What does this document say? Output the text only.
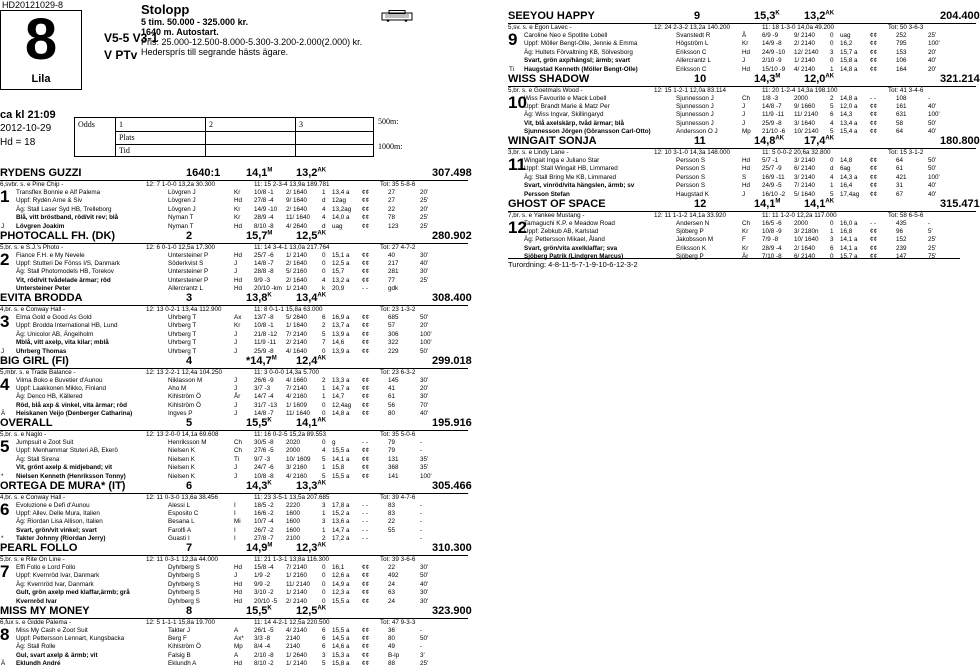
HD20121029-8
8
Lila
V5-5 V3-1
V PTv
Stolopp
5 tim. 50.000 - 325.000 kr.
1640 m. Autostart.
Pris: 25.000-12.500-8.000-5.300-3.200-2.000(2.000) kr.
Hedersprís till segrande hästs ägare.
ca kl 21:09
2012-10-29
Hd = 18
Odds	1	2	3
Plats
Tid
500m:
1000m:
RYDENS GUZZI	1640:1 $14,1^M$ $13,2^{AK}$	307.498
6,svbr. s. e Pine Chip -	12: 7 1-0-0 13,2a 30.300	11: 15 2-3-4 13,9a 189.781	Tot: 35 5-8-6
1 Transflex Bonnie e Alf Palema	Lövgren J	Kr 10/8 -1 2/ 1640 1 13,4 a ¢¢	27	20'
Uppf: Rydén Arne & Siv	Lövgren J	Hd 27/8 -4 9/ 1640 d 12ag	¢¢	27	25'
Äg: Stall Laser Syd HB, Trelleborg	Lövgren J	Kr 14/9 -10 2/ 1640 4 13,2ag ¢¢	22	20'
Blå, vitt bröstband, röd/vit rev; blå	Nyman T	Kr 28/9 -4 11/ 1640 4 14,0 a ¢¢	78	25'
Lövgren Joakim	Nyman T	Hd 8/10 -8 4/ 2640 d uag	¢¢	123	25'
J
PHOTOCALL FH. (DK)	2	$15,7^M$ $12,5^{AK}$	280.902
5,br. s. e S.J.'s Photo -	12: 6 0-1-0 12,5a 17.300	11: 14 3-4-1 13,0a 217.764	Tot: 27 4-7-2
2 Fiance F.H. e My Nevele	Untersteiner P	Hd 25/7 -6 1/ 2140 0 15,1 a ¢¢	40	30'
Uppf: Stutteri De Fönss I/S, Danmark	Söderkvist S	J	14/8 -7 2/ 1640 0 12,5 a ¢¢	217	40'
Äg: Stall Photomodels HB, Torekov	Untersteiner P	J	28/8 -8 5/ 2160 0 15,7	¢¢	281	30'
Vit, röd/vit tvådelade ärmar; röd	Untersteiner P	Hd 9/9 -3	2/ 1640 4 13,2 a ¢¢	77	25'
Untersteiner Peter	Allercrantz L	Hd 20/10 -km 1/ 2140 k 20,9	- -	gdk
EVITA BRODDA	3	$13,8^K$ $13,4^{AK}$	308.400
4,br. s. e Conway Hall -	12: 13 0-2-1 13,4a 112.900	11: 8 0-1-1 15,8a 63.000	Tot: 23 1-3-2
3 Elma Gold e Good As Gold	Uhrberg T	Ax 13/7 -8 5/ 2640 6 16,9 a ¢¢	685	50'
Uppf: Brodda International HB, Lund	Uhrberg T	Kr 10/8 -1 1/ 1640 2 13,7 a ¢¢	57	20'
Äg: Unicolor AB, Ängelholm	Uhrberg T	J	21/8 -12 7/ 2140 5 13,9 a ¢¢	306	100'
Mblå, vitt axelp, vita kilar; mblå	Uhrberg T	J	11/9 -11 2/ 2140 7 14,6	¢¢	322	100'
Uhrberg Thomas	Uhrberg T	J	25/9 -8 4/ 1640 0 13,9 a ¢¢	229	50'
J
BIG GIRL (FI)	4	$*14,7^M$ $12,4^{AK}$	299.018
5,mbr. s. e Trade Balance -	12: 13 2-2-1 12,4a 104.250	11: 3 0-0-0 14,3a 5.700	Tot: 23 6-3-2
4 Vilma Boko e Buvetier d'Aunou	Niklasson M	J	26/6 -9 4/ 1660 2 13,3 a ¢¢	145	30'
Uppf: Laakkonen Mikko, Finland	Aho M	J	3/7 -3	7/ 2140 1 14,7 a ¢¢	41	20'
Äg: Denco HB, Källered	Kihlström Ö	År 14/7 -4 4/ 2160 1 14,7	¢¢	61	30'
Röd, blå axp & vinkel, vita ärmar; röd	Kihlström Ö	J	31/7 -13 1/ 1609 0 12,4ag ¢¢	56	70'
Heiskanen Veijo (Denberger Catharina)	Ingves P	J	14/8 -7 11/ 1640 0 14,8 a ¢¢	80	40'
Ä
OVERALL	5	$15,5^K$ $14,1^{AK}$	195.916
5,br. s. e Naglo -	12: 13 2-0-0 14,1a 69.608	11: 16 0-2-5 15,2a 89.553	Tot: 35 5-0-6
5 Jumpsuit e Zoot Suit	Henriksson M	Ch 30/5 -8 2020	0 g	- -	79	-
Uppf: Menhammar Stuteri AB, Ekerö	Nielsen K	Ch 27/6 -5 2000	4 15,5 a ¢¢	79	-
Äg: Stall Sirena	Nielsen K	Ti 9/7 -3	10/ 1609 5 14,1 a ¢¢	131	35'
Vit, grönt axelp & midjeband; vit	Nielsen K	J	24/7 -6 3/ 2160 1 15,8	¢¢	368	35'
Nielsen Kenneth (Henriksson Tonny)	Nielsen K	J	10/8 -8 4/ 2160 5 15,5 a ¢¢	141	100'
*
ORTEGA DE MURA* (IT)	6	$14,3^K$ $13,3^{AK}$	305.466
4,br. s. e Conway Hall -	12: 11 0-3-0 13,6a 38.456	11: 23 3-5-1 13,5a 207.685	Tot: 39 4-7-6
6 Evoluzione e Defi d'Aunou	Alessi L	I	18/5 -2 2220	3 17,8 a - -	83	-
Uppf: Allev. Delle Mura, Italien	Esposito C	I	16/6 -2 1600	1 15,2 a - -	83	-
Äg: Riordan Lisa Allison, Italien	Besana L	Mi 10/7 -4 1600	3 13,6 a - -	22	-
Svart, grön/vit vinkel; svart	Farolfi A	I	26/7 -2 1600	1 14,7 a - -	55	-
Takter Johnny (Riordan Jerry)	Guasti I	I	27/8 -7 2100	2 17,2 a - -	-
*
PEARL FOLLO	7	$14,9^M$ $12,3^{AK}$	310.300
5,br. s. e Rite On Line -	12: 11 0-3-1 12,3a 44.000	11: 21 1-3-1 13,8a 116.300	Tot: 39 3-6-6
7 Effi Follo e Lord Follo	Dyhrberg S	Hd 15/8 -4 7/ 2140 0 16,1	¢¢	22	30'
Uppf: Kvernröd Ivar, Danmark	Dyhrberg S	J	1/9 -2	1/ 2160 0 12,6 a ¢¢	492	50'
Äg: Kvernröd Ivar, Danmark	Dyhrberg S	Hd 9/9 -2	11/ 2140 0 14,9 a ¢¢	24	40'
Gult, grön axelp med klaffar,ärmb; grå	Dyhrberg S	Hd 3/10 -2 1/ 2140 0 12,3 a ¢¢	63	30'
Kvernröd Ivar	Dyhrberg S	Hd 20/10 -5 2/ 2140 0 15,5 a ¢¢	24	30'
MISS MY MONEY	8	$15,5^K$ $12,5^{AK}$	323.900
6,fux s. e Gidde Palema -	12: 5 1-1-1 15,8a 19.700	11: 14 4-2-1 12,5a 220.500	Tot: 47 9-3-3
8 Miss My Cash e Zoot Suit	Takter J	A	26/1 -5 4/ 2140 6 15,5 a ¢¢	36	-
Uppf: Pettersson Lennart, Kungsbacka	Berg F	Ax* 3/3 -8	2140	6 14,5 a ¢¢	80	50'
Äg: Stall Rolle	Kihlström Ö	Mp 8/4 -4	2140	6 14,6 a ¢¢	49	-
Gul, svart axelp & ärmb; vit	Falsig B	A	2/10 -8 1/ 2640 3 15,3 a ¢¢	B-lp	3'
Eklundh André	Eklundh A	Hd 8/10 -2 1/ 2140 5 15,8 a ¢¢	88	25'
Ä
SEEYOU HAPPY	9	$15,3^K$ $13,2^{AK}$	204.400
5,sv. s. e Egon Lavec -	12: 24 2-3-2 13,2a 140.200	11: 18 1-3-0 14,0a 49.200	Tot: 50 3-6-3
9 Caroline Neo e Spotlite Lobell	Svanstedt R	Å	6/9 -9	9/ 2140 0 uag	¢¢	252	25'
Uppf: Möller Bengt-Olle, Jennie & Emma	Högström L	Kr 14/9 -8 2/ 2140 0 16,2	¢¢	795	100'
Äg: Hultets Förvaltning KB, Sölvesborg	Eriksson C	Hd 24/9 -10 12/ 2140 3 15,7 a ¢¢	153	20'
Svart, grön axp/hängsl; ärmb; svart	Allercrantz L	J	2/10 -9 1/ 2140 0 15,8 a ¢¢	106	40'
Haugstad Kenneth (Möller Bengt-Olle)	Eriksson C	Hd 15/10 -9 4/ 2140 1 14,8 a ¢¢	164	20'
Ti
WISS SHADOW	10	$14,3^M$ $12,0^{AK}$	321.214
5,br. s. e Goetmals Wood -	12: 15 1-2-1 12,0a 83.114	11: 20 1-2-4 14,3a 198.100	Tot: 41 3-4-6
10
Wiss Favourite e Mack Lobell	Sjunnesson J	Ch 1/8 -3	2000	2 14,8 a - -	108	-
Uppf: Brandt Marie & Matz Per	Sjunnesson J	J	14/8 -7 9/ 1660 5 12,0 a ¢¢	161	40'
Äg: Wiss Ingvar, Skillingaryd	Sjunnesson J	J	11/9 -11 11/ 2140 6 14,3	¢¢	631	100'
Vit, blå axelskärp, tvåd ärmar; blå	Sjunnesson J	J	25/9 -8 3/ 1640 4 13,4 a ¢¢	58	50'
Sjunnesson Jörgen (Göransson Carl-Otto)	Andersson O J	Mp 21/10 -6 10/ 2140 5 15,4 a ¢¢	64	40'
WINGAIT SONJA	11	$14,8^{AK}$ $17,4^{AK}$	180.800
3,br. s. e Lindy Lane -	12: 10 3-1-0 14,3a 148.000	11: 5 0-0-2 20,6a 32.800	Tot: 15 3-1-2
11
Wingait Inga e Juliano Star	Persson S	Hd 5/7 -1	3/ 2140 0 14,8	¢¢	64	50'
Uppf: Stall Wingait HB, Limmared	Persson S	Hd 25/7 -9 6/ 2140 d 6ag	¢¢	61	50'
Äg: Stall Bring Me KB, Limmared	Persson S	S	16/9 -11 3/ 2140 4 14,3 a ¢¢	421	100'
Svart, vinröd/vita hängslen, ärmb; sv	Persson S	Hd 24/9 -5 7/ 2140 1 16,4	¢¢	31	40'
Persson Stefan	Haugstad K	J	16/10 -2 5/ 1640 5 17,4ag ¢¢	67	40'
GHOST OF SPACE	12	$14,1^M$ $14,1^{AK}$	315.471
7,br. s. e Yankee Mustang -	12: 11 1-1-2 14,1a 33.920	11: 11 1-2-0 12,2a 117.000	Tot: 58 6-5-6
12
Tamaguchi K.P. e Meadow Road	Andersen N	Ch 16/5 -6 2000	0 16,0 a - -	435	-
Uppf: Zebkub AB, Karlstad	Sjöberg P	Kr 10/8 -9 3/ 2180n 1 16,8	¢¢	96	5'
Äg: Pettersson Mikael, Åland	Jakobsson M	F	7/9 -8	10/ 1640 3 14,1 a ¢¢	152	25'
Svart, grön/vita axelklaffar; sva	Eriksson K	Kr 28/9 -4 2/ 1640 6 14,1 a ¢¢	239	25'
Sjöberg Patrik (Lindgren Marcus)	Sjöberg P	Är 7/10 -8 6/ 2140 0 15,7 a ¢¢	147	75'
Turordning: 4-8-11-5-7-1-9-10-6-12-3-2
